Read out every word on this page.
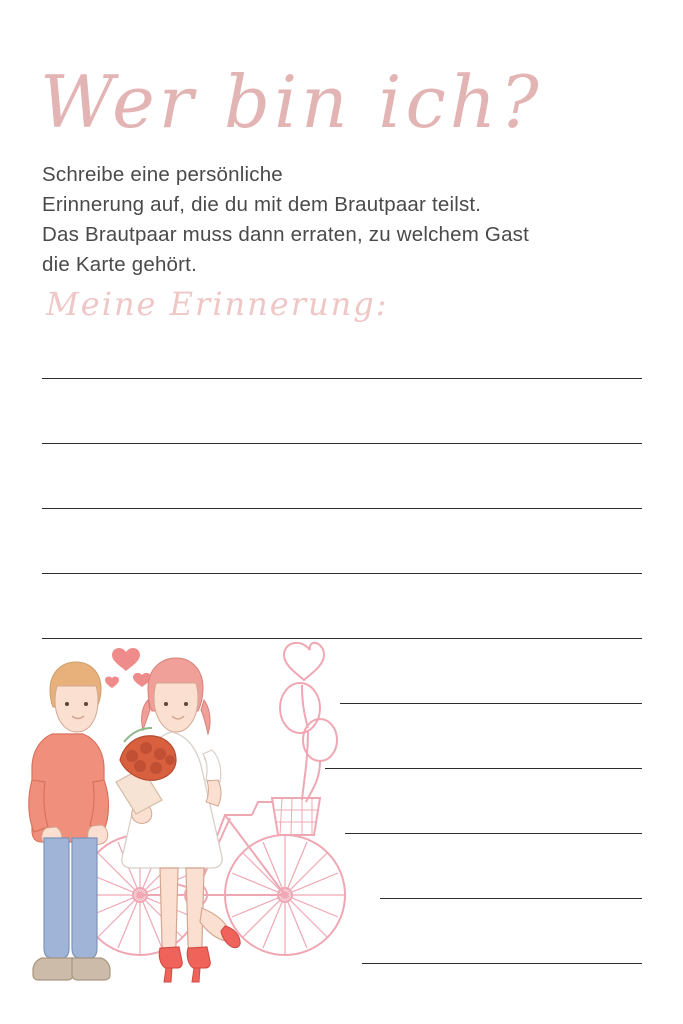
Wer bin ich?
Schreibe eine persönliche
Erinnerung auf, die du mit dem Brautpaar teilst.
Das Brautpaar muss dann erraten, zu welchem Gast
die Karte gehört.
Meine Erinnerung:
